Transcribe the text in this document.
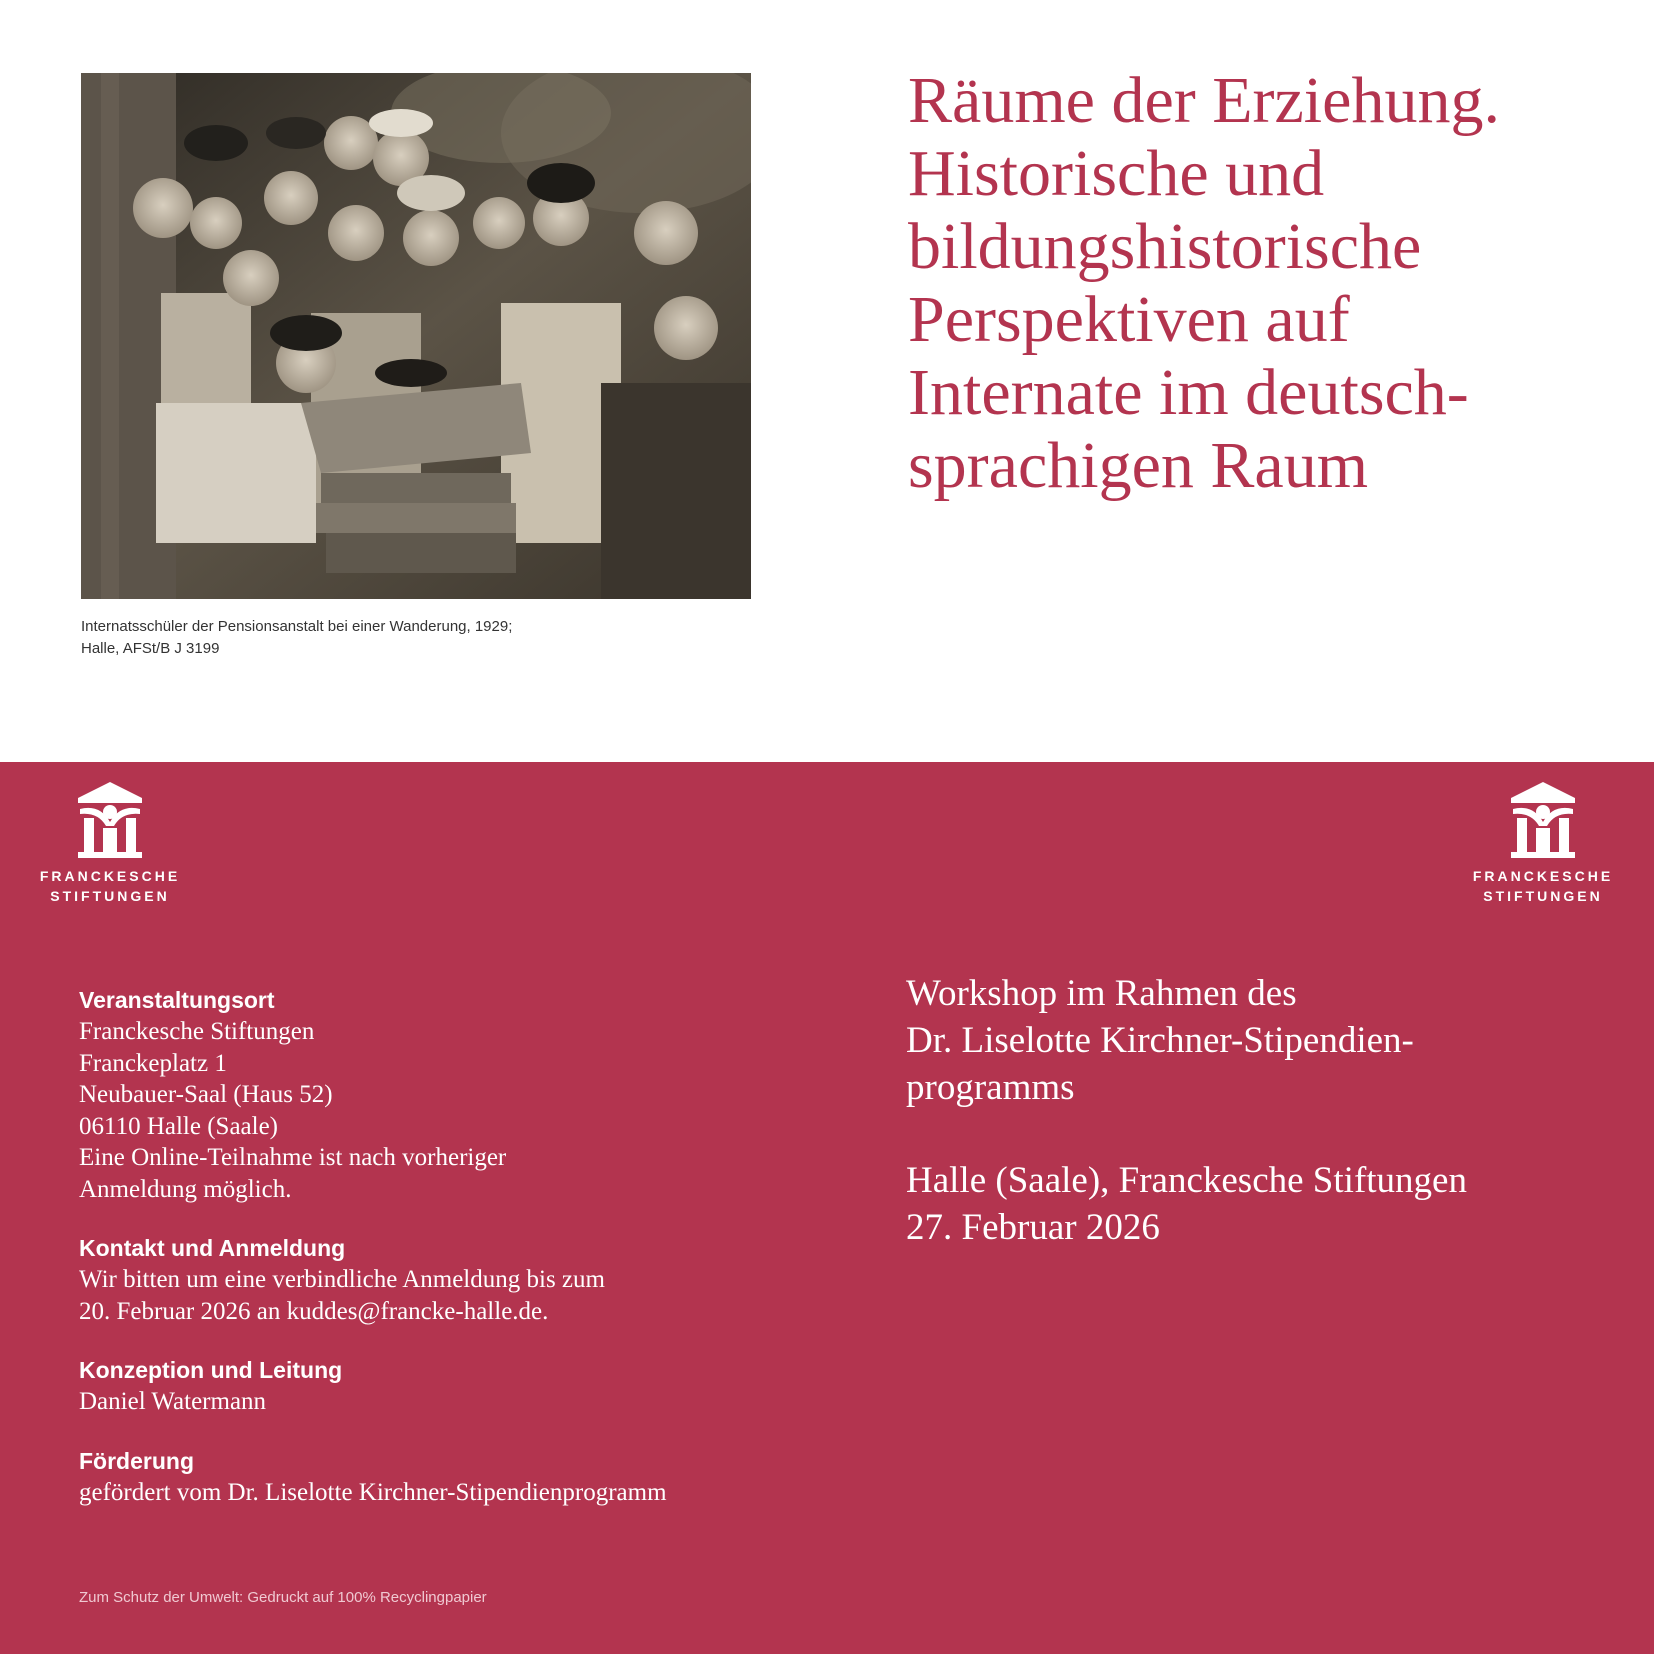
Internatsschüler der Pensionsanstalt bei einer Wanderung, 1929;
Halle, AFSt/B J 3199
Räume der Erziehung.
Historische und
bildungshistorische
Perspektiven auf
Internate im deutsch-
sprachigen Raum
FRANCKESCHE
STIFTUNGEN
FRANCKESCHE
STIFTUNGEN
Veranstaltungsort
Franckesche Stiftungen
Franckeplatz 1
Neubauer-Saal (Haus 52)
06110 Halle (Saale)
Eine Online-Teilnahme ist nach vorheriger
Anmeldung möglich.
Kontakt und Anmeldung
Wir bitten um eine verbindliche Anmeldung bis zum
20. Februar 2026 an kuddes@francke-halle.de.
Konzeption und Leitung
Daniel Watermann
Förderung
gefördert vom Dr. Liselotte Kirchner-Stipendienprogramm
Workshop im Rahmen des
Dr. Liselotte Kirchner-Stipendien-
programms
Halle (Saale), Franckesche Stiftungen
27. Februar 2026
Zum Schutz der Umwelt: Gedruckt auf 100% Recyclingpapier
